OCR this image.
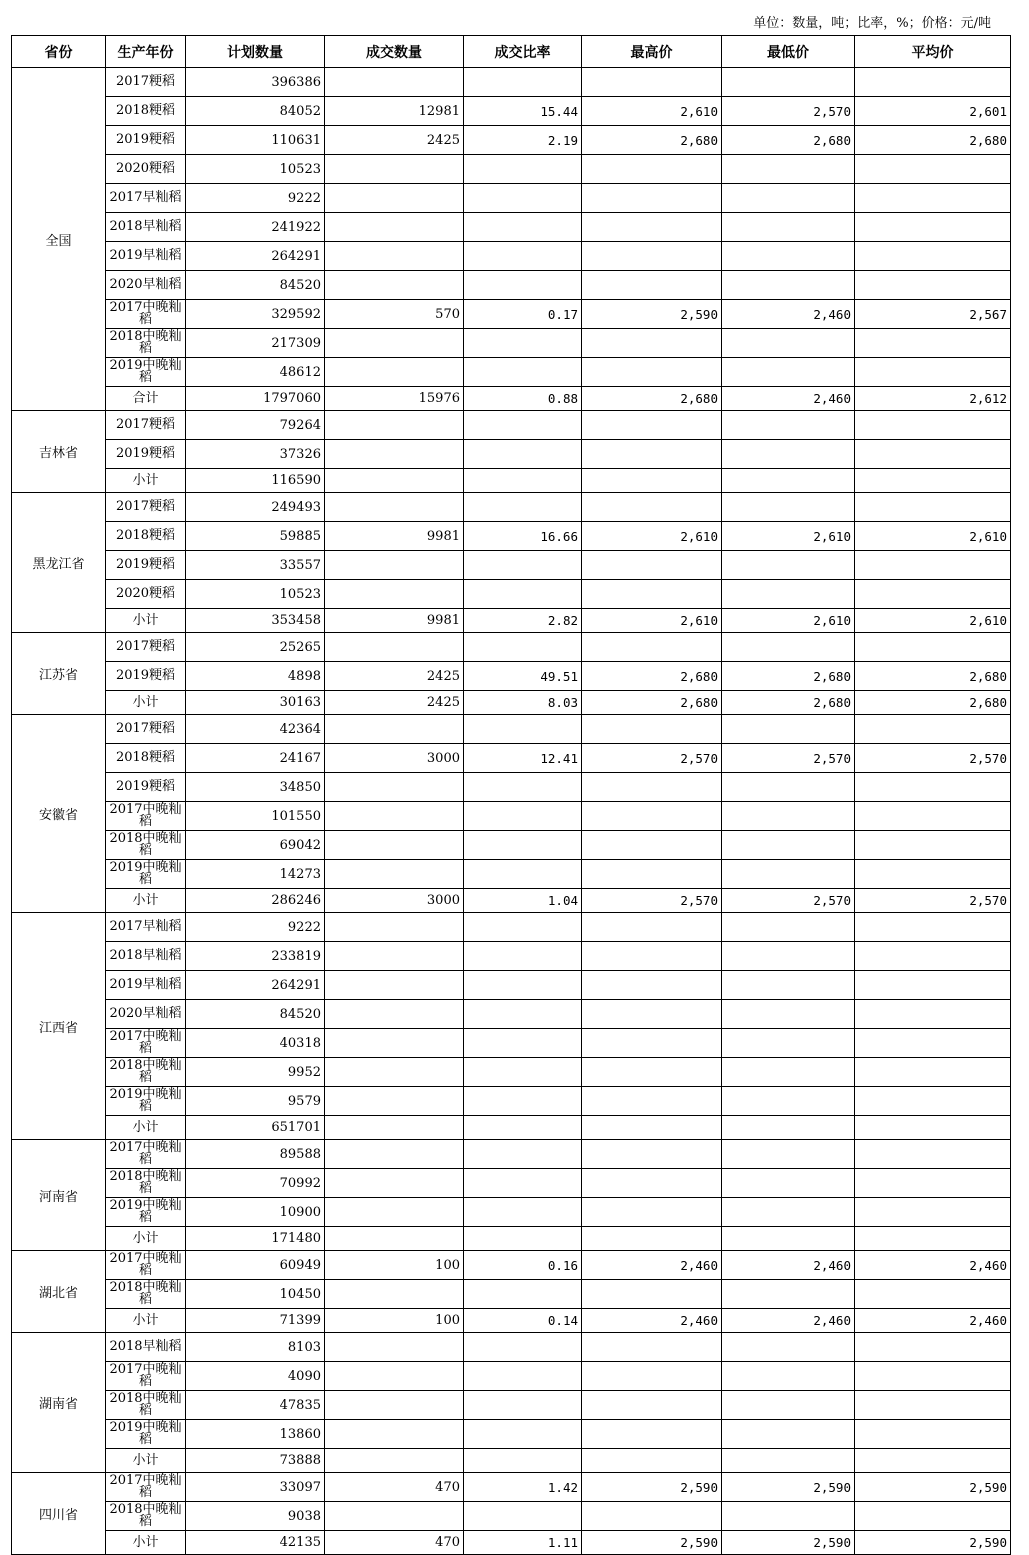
单位：数量，吨；比率，%；价格：元/吨
省份	生产年份	计划数量	成交数量	成交比率	最高价	最低价	平均价
全国	2017粳稻	396386					
	2018粳稻	84052	12981	15.44	2,610	2,570	2,601
	2019粳稻	110631	2425	2.19	2,680	2,680	2,680
	2020粳稻	10523					
	2017早籼稻	9222					
	2018早籼稻	241922					
	2019早籼稻	264291					
	2020早籼稻	84520					
	2017中晚籼稻	329592	570	0.17	2,590	2,460	2,567
	2018中晚籼稻	217309					
	2019中晚籼稻	48612					
	合计	1797060	15976	0.88	2,680	2,460	2,612
吉林省	2017粳稻	79264					
	2019粳稻	37326					
	小计	116590					
黑龙江省	2017粳稻	249493					
	2018粳稻	59885	9981	16.66	2,610	2,610	2,610
	2019粳稻	33557					
	2020粳稻	10523					
	小计	353458	9981	2.82	2,610	2,610	2,610
江苏省	2017粳稻	25265					
	2019粳稻	4898	2425	49.51	2,680	2,680	2,680
	小计	30163	2425	8.03	2,680	2,680	2,680
安徽省	2017粳稻	42364					
	2018粳稻	24167	3000	12.41	2,570	2,570	2,570
	2019粳稻	34850					
	2017中晚籼稻	101550					
	2018中晚籼稻	69042					
	2019中晚籼稻	14273					
	小计	286246	3000	1.04	2,570	2,570	2,570
江西省	2017早籼稻	9222					
	2018早籼稻	233819					
	2019早籼稻	264291					
	2020早籼稻	84520					
	2017中晚籼稻	40318					
	2018中晚籼稻	9952					
	2019中晚籼稻	9579					
	小计	651701					
河南省	2017中晚籼稻	89588					
	2018中晚籼稻	70992					
	2019中晚籼稻	10900					
	小计	171480					
湖北省	2017中晚籼稻	60949	100	0.16	2,460	2,460	2,460
	2018中晚籼稻	10450					
	小计	71399	100	0.14	2,460	2,460	2,460
湖南省	2018早籼稻	8103					
	2017中晚籼稻	4090					
	2018中晚籼稻	47835					
	2019中晚籼稻	13860					
	小计	73888					
四川省	2017中晚籼稻	33097	470	1.42	2,590	2,590	2,590
	2018中晚籼稻	9038					
	小计	42135	470	1.11	2,590	2,590	2,590
